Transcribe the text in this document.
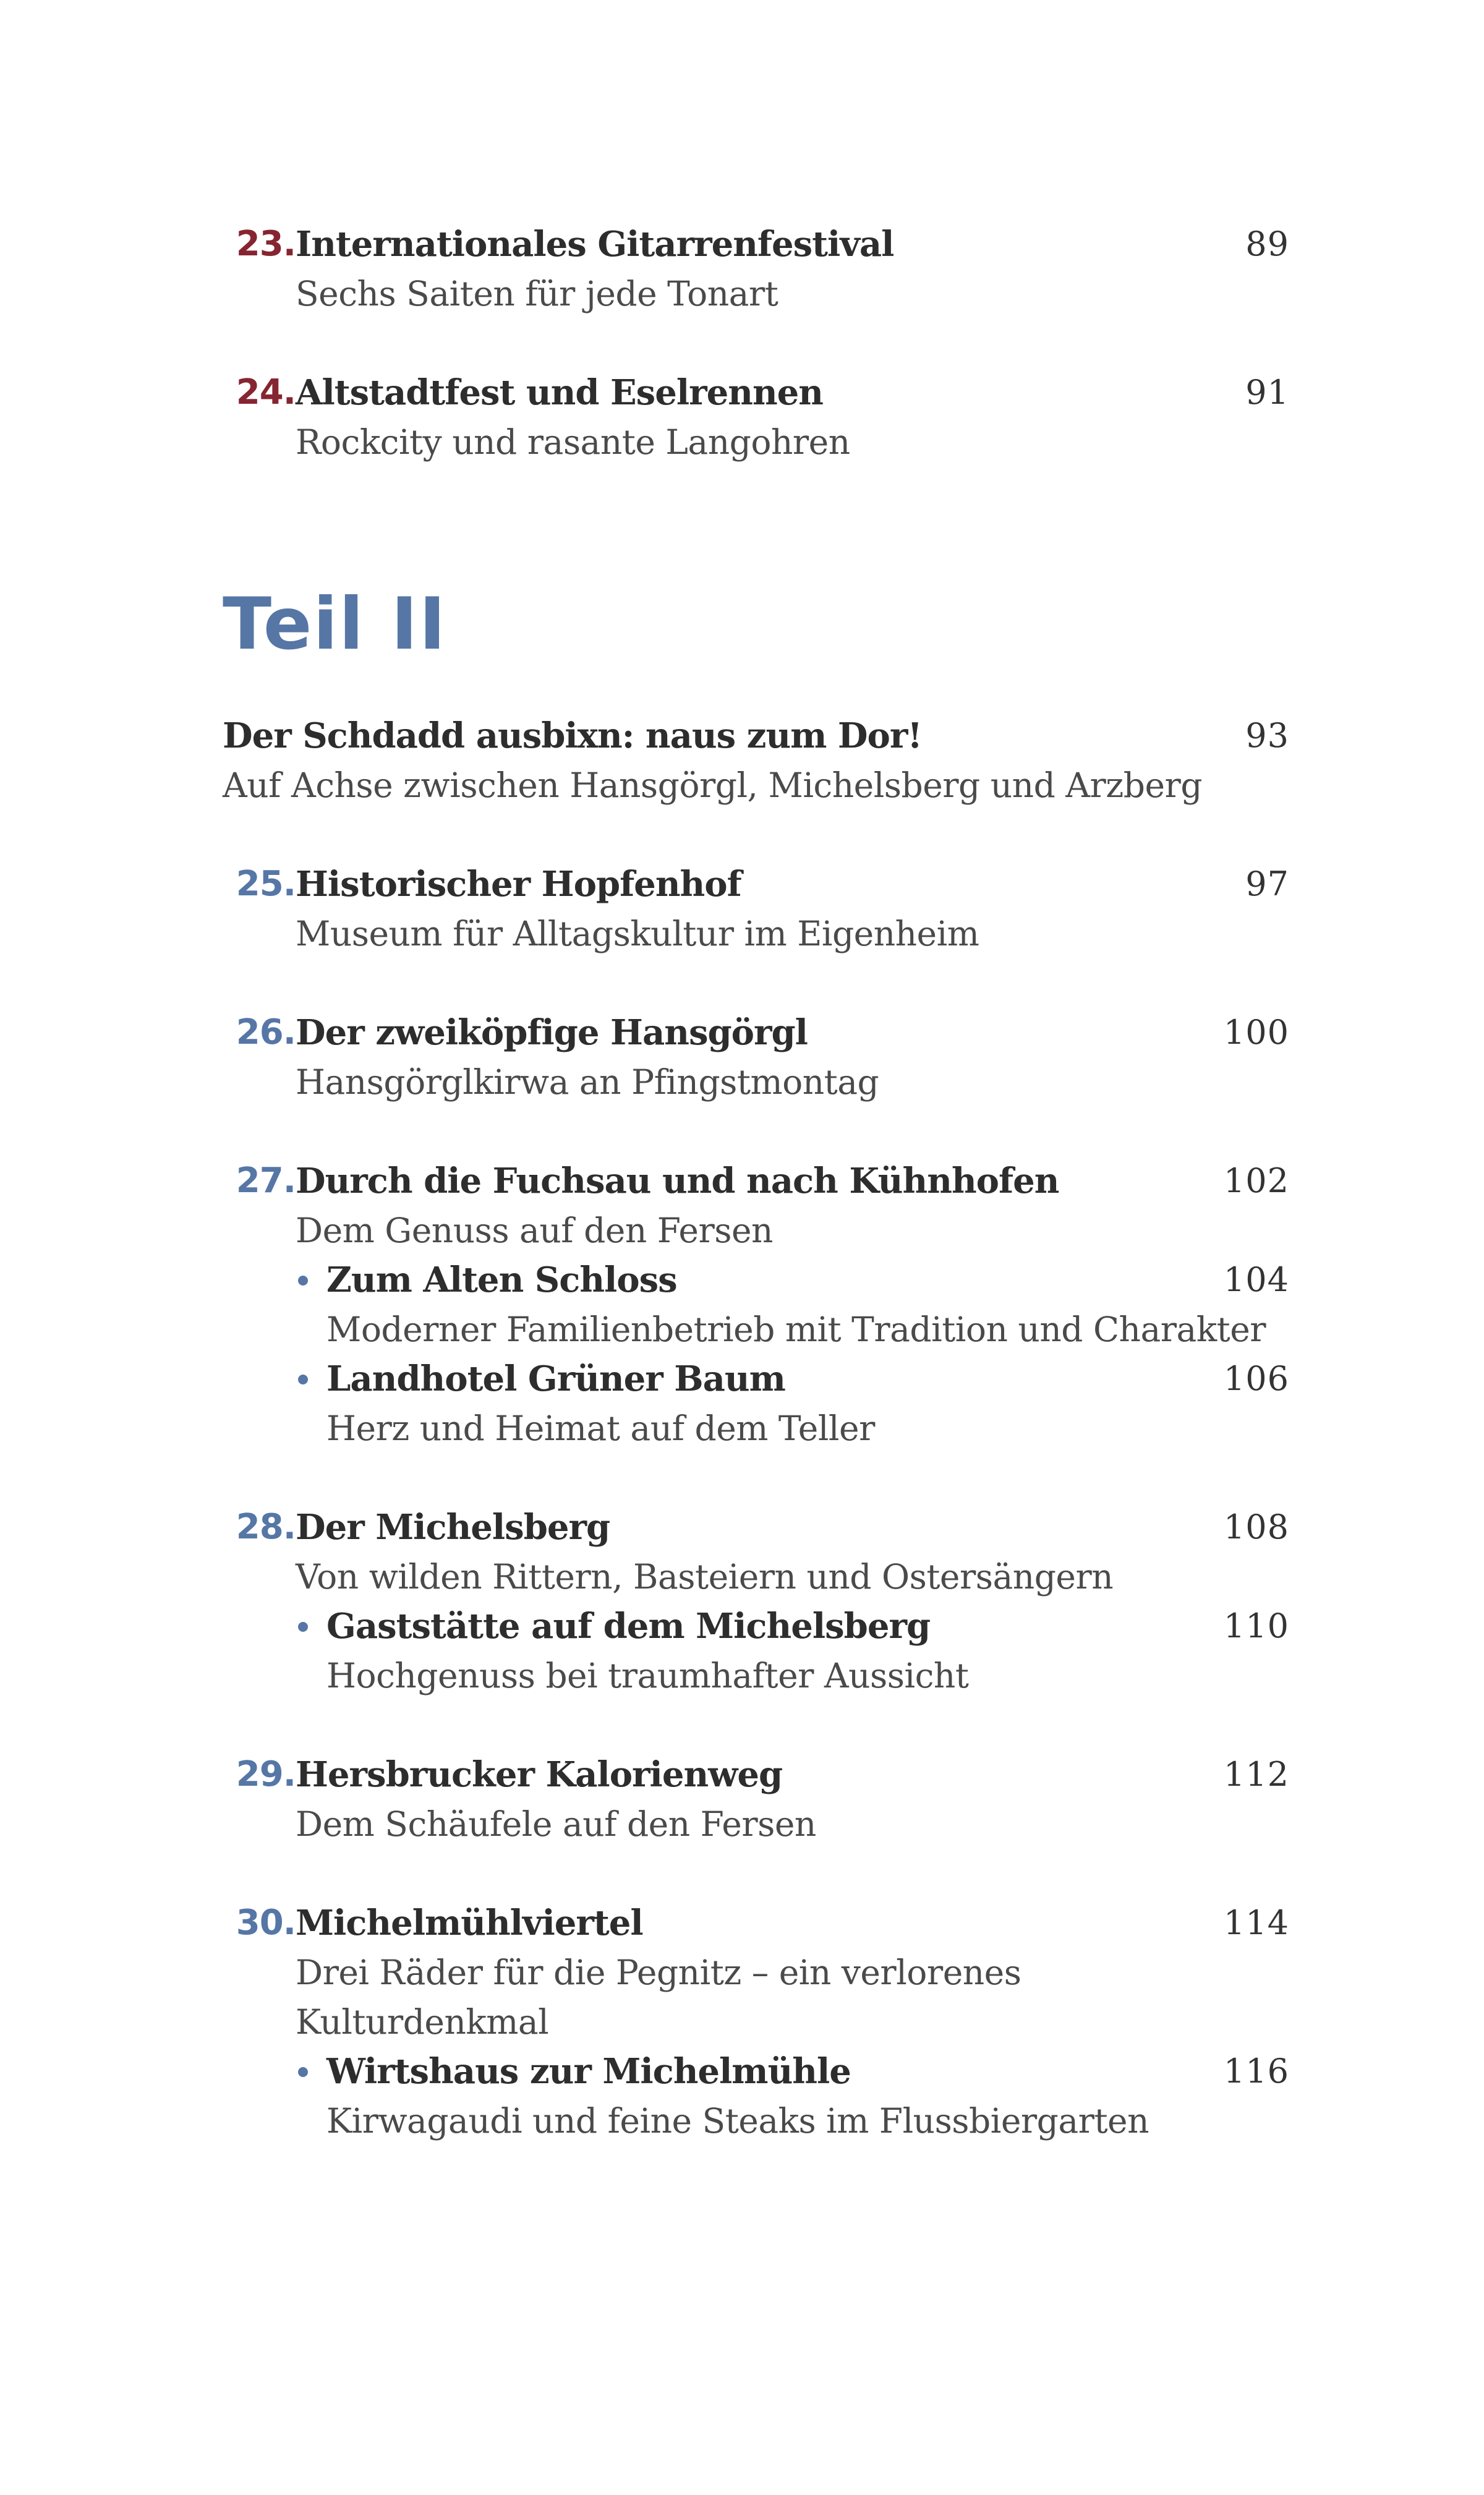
23. Internationales Gitarrenfestival	89
Sechs Saiten für jede Tonart
24. Altstadtfest und Eselrennen	91
Rockcity und rasante Langohren
Teil II
Der Schdadd ausbixn: naus zum Dor!	93
Auf Achse zwischen Hansgörgl, Michelsberg und Arzberg
25. Historischer Hopfenhof	97
Museum für Alltagskultur im Eigenheim
26. Der zweiköpfige Hansgörgl	100
Hansgörglkirwa an Pfingstmontag
27. Durch die Fuchsau und nach Kühnhofen	102
Dem Genuss auf den Fersen
Zum Alten Schloss	104
Moderner Familienbetrieb mit Tradition und Charakter
Landhotel Grüner Baum	106
Herz und Heimat auf dem Teller
28. Der Michelsberg	108
Von wilden Rittern, Basteiern und Ostersängern
Gaststätte auf dem Michelsberg	110
Hochgenuss bei traumhafter Aussicht
29. Hersbrucker Kalorienweg	112
Dem Schäufele auf den Fersen
30. Michelmühlviertel	114
Drei Räder für die Pegnitz – ein verlorenes
Kulturdenkmal
Wirtshaus zur Michelmühle	116
Kirwagaudi und feine Steaks im Flussbiergarten
